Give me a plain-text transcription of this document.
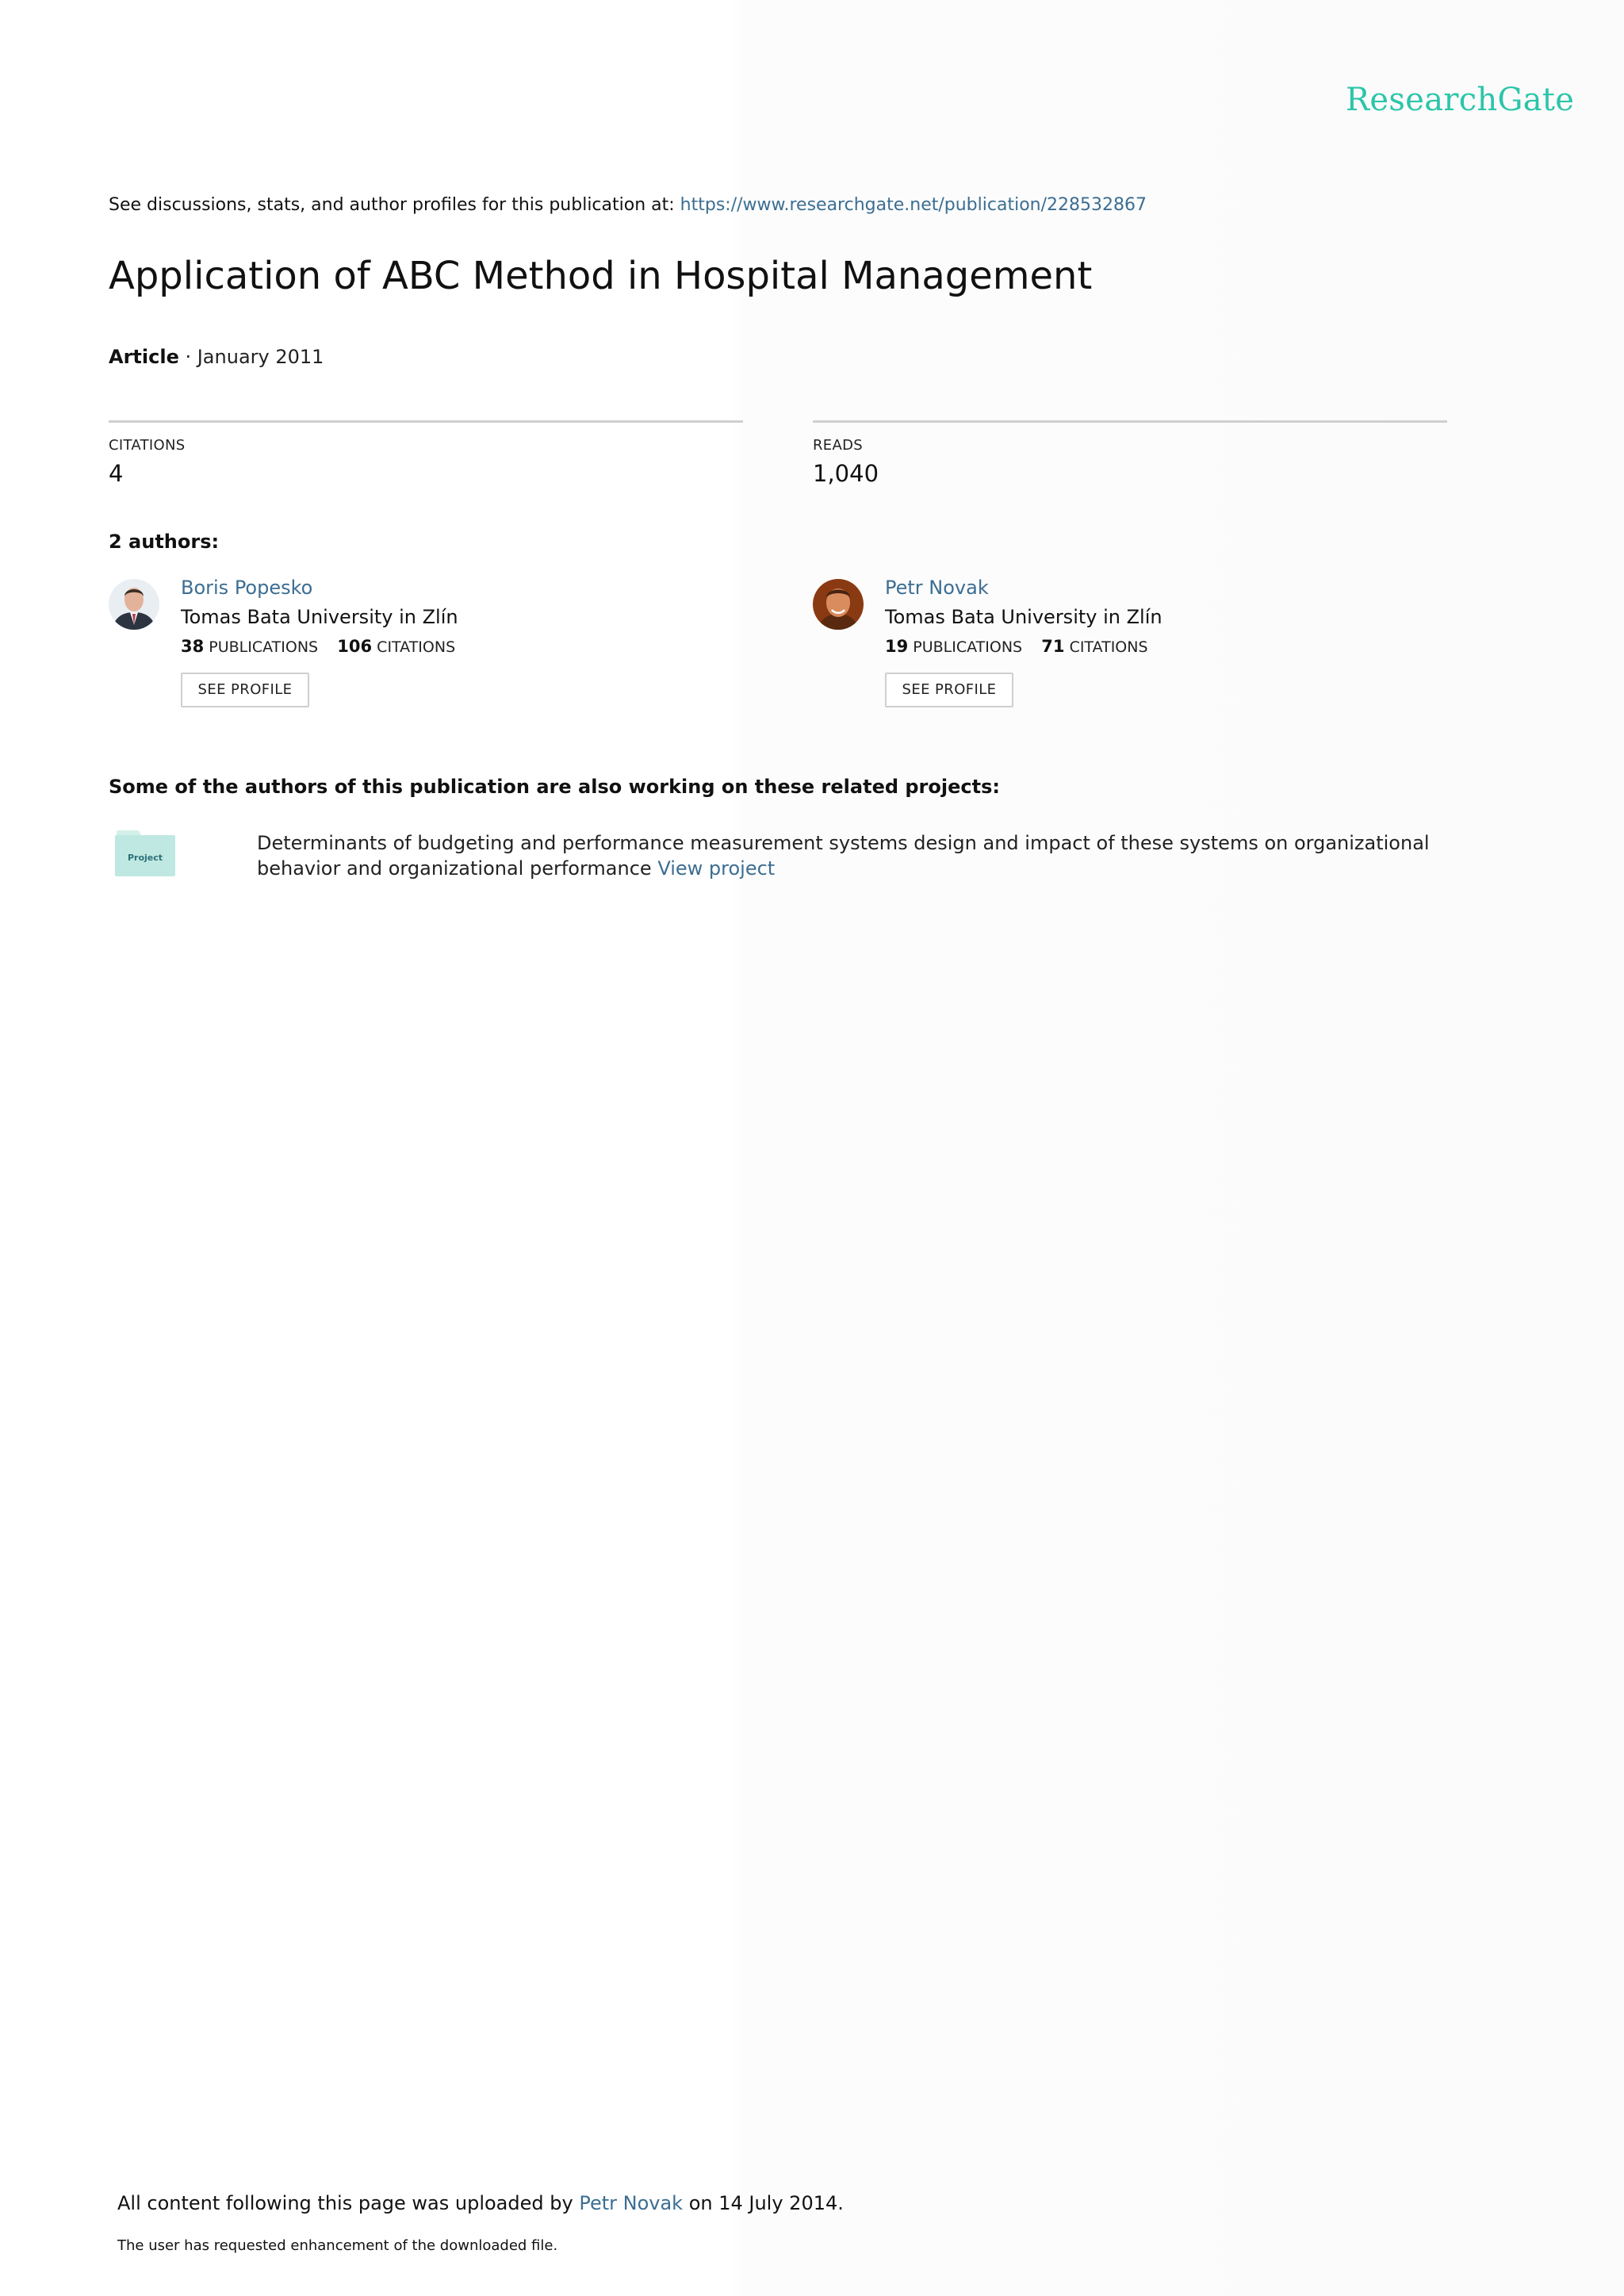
ResearchGate
See discussions, stats, and author profiles for this publication at: https://www.researchgate.net/publication/228532867
Application of ABC Method in Hospital Management
Article · January 2011
CITATIONS
4
READS
1,040
2 authors:
Boris Popesko
Tomas Bata University in Zlín
38 PUBLICATIONS 106 CITATIONS
SEE PROFILE
Petr Novak
Tomas Bata University in Zlín
19 PUBLICATIONS 71 CITATIONS
SEE PROFILE
Some of the authors of this publication are also working on these related projects:
Project
Determinants of budgeting and performance measurement systems design and impact of these systems on organizational behavior and organizational performance View project
All content following this page was uploaded by Petr Novak on 14 July 2014.
The user has requested enhancement of the downloaded file.
